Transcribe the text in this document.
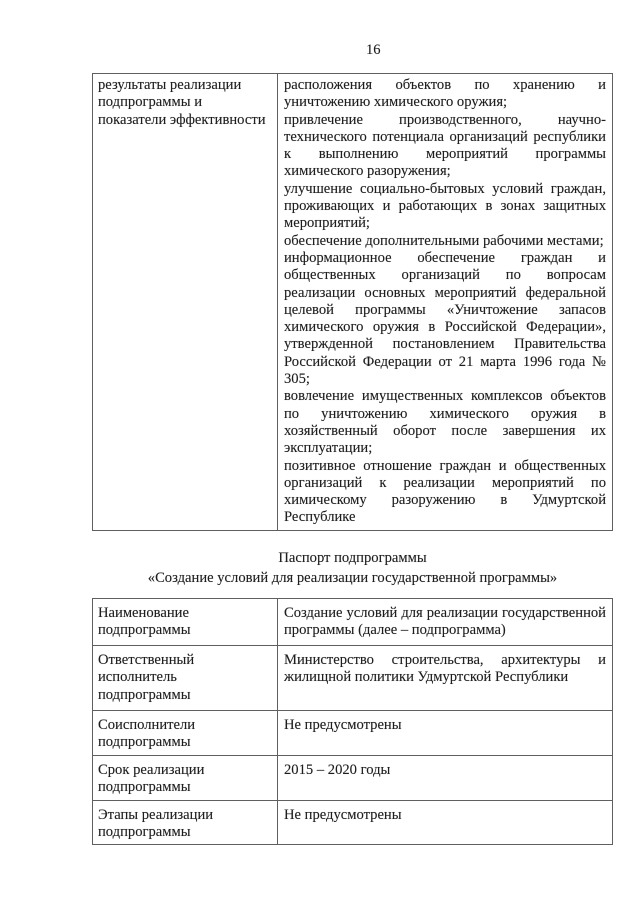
16
результаты реализации подпрограммы и показатели эффективности
расположения объектов по хранению и уничтожению химического оружия;
привлечение производственного, научно-технического потенциала организаций республики к выполнению мероприятий программы химического разоружения;
улучшение социально-бытовых условий граждан, проживающих и работающих в зонах защитных мероприятий;
обеспечение дополнительными рабочими местами;
информационное обеспечение граждан и общественных организаций по вопросам реализации основных мероприятий федеральной целевой программы «Уничтожение запасов химического оружия в Российской Федерации», утвержденной постановлением Правительства Российской Федерации от 21 марта 1996 года № 305;
вовлечение имущественных комплексов объектов по уничтожению химического оружия в хозяйственный оборот после завершения их эксплуатации;
позитивное отношение граждан и общественных организаций к реализации мероприятий по химическому разоружению в Удмуртской Республике
Паспорт подпрограммы
«Создание условий для реализации государственной программы»
Наименование подпрограммы
Создание условий для реализации государственной программы (далее – подпрограмма)
Ответственный исполнитель подпрограммы
Министерство строительства, архитектуры и жилищной политики Удмуртской Республики
Соисполнители подпрограммы
Не предусмотрены
Срок реализации подпрограммы
2015 – 2020 годы
Этапы реализации подпрограммы
Не предусмотрены
